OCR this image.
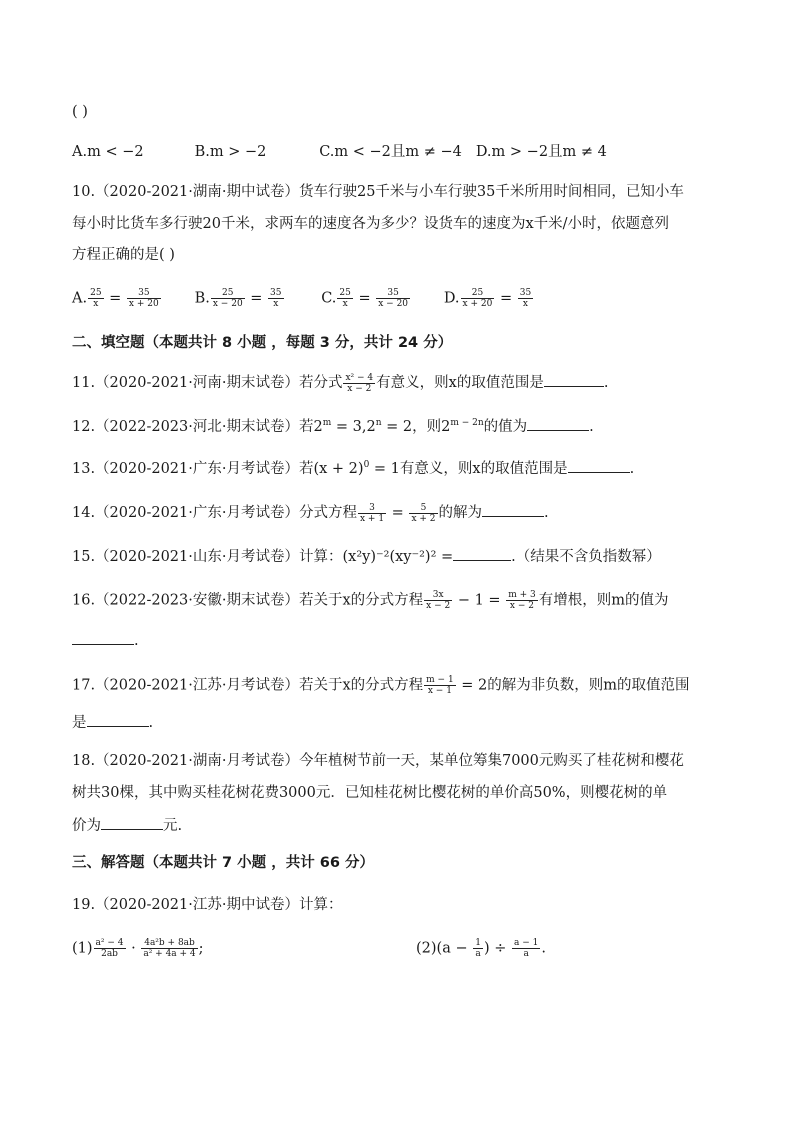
( )
A.m < −2	B.m > −2	C.m < −2且m ≠ −4 D.m > −2且m ≠ 4
10.（2020-2021·湖南·期中试卷）货车行驶25千米与小车行驶35千米所用时间相同，已知小车
每小时比货车多行驶20千米，求两车的速度各为多少？设货车的速度为x千米/小时，依题意列
方程正确的是( )
A. $\frac{25}{x} = \frac{35}{x + 20} B$. $\frac{25}{x - 20} = \frac{35}{x}$	C. $\frac{25}{x} = \frac{35}{x - 20} D$. $\frac{25}{x + 20} = \frac{35}{x}$
二、填空题（本题共计 8 小题 ，每题 3 分，共计 24 分）
11.（2020-2021·河南·期末试卷）若分式 $\frac{\text{x² − 4}}{x - 2}$ 有意义，则x的取值范围是	.
12.（2022-2023·河北·期末试卷）若$2^m = 3,2^n = 2$，则$2^{m - 2n}$的值为	.
13.（2020-2021·广东·月考试卷）若$(x + 2)^0 = 1$有意义，则x的取值范围是	.
14.（2020-2021·广东·月考试卷）分式方程 $\frac{3}{x + 1} = \frac{5}{x + 2}$ 的解为	.
15.（2020-2021·山东·月考试卷）计算：(x²y)⁻²(xy⁻²)² =	.（结果不含负指数幂）
16.（2022-2023·安徽·期末试卷）若关于x的分式方程 $\frac{3x}{x - 2} - 1 = \frac{m + 3}{x - 2}$ 有增根，则m的值为
.
17.（2020-2021·江苏·月考试卷）若关于x的分式方程 $\frac{m - 1}{x - 1} = 2$的解为非负数，则m的取值范围
是	.
18.（2020-2021·湖南·月考试卷）今年植树节前一天，某单位筹集7000元购买了桂花树和樱花
树共30棵，其中购买桂花树花费3000元．已知桂花树比樱花树的单价高50%，则樱花树的单
价为	元.
三、解答题（本题共计 7 小题 ，共计 66 分）
19.（2020-2021·江苏·期中试卷）计算：
$(1) \frac{\text{a² − 4}}{2ab} \cdot \frac{\text{4a²b + 8ab}}{\text{a² + 4a + 4}}$ ;	$(2)(a - \frac{1}{a}$ ) ÷ $\frac{a - 1}{a}$ .
